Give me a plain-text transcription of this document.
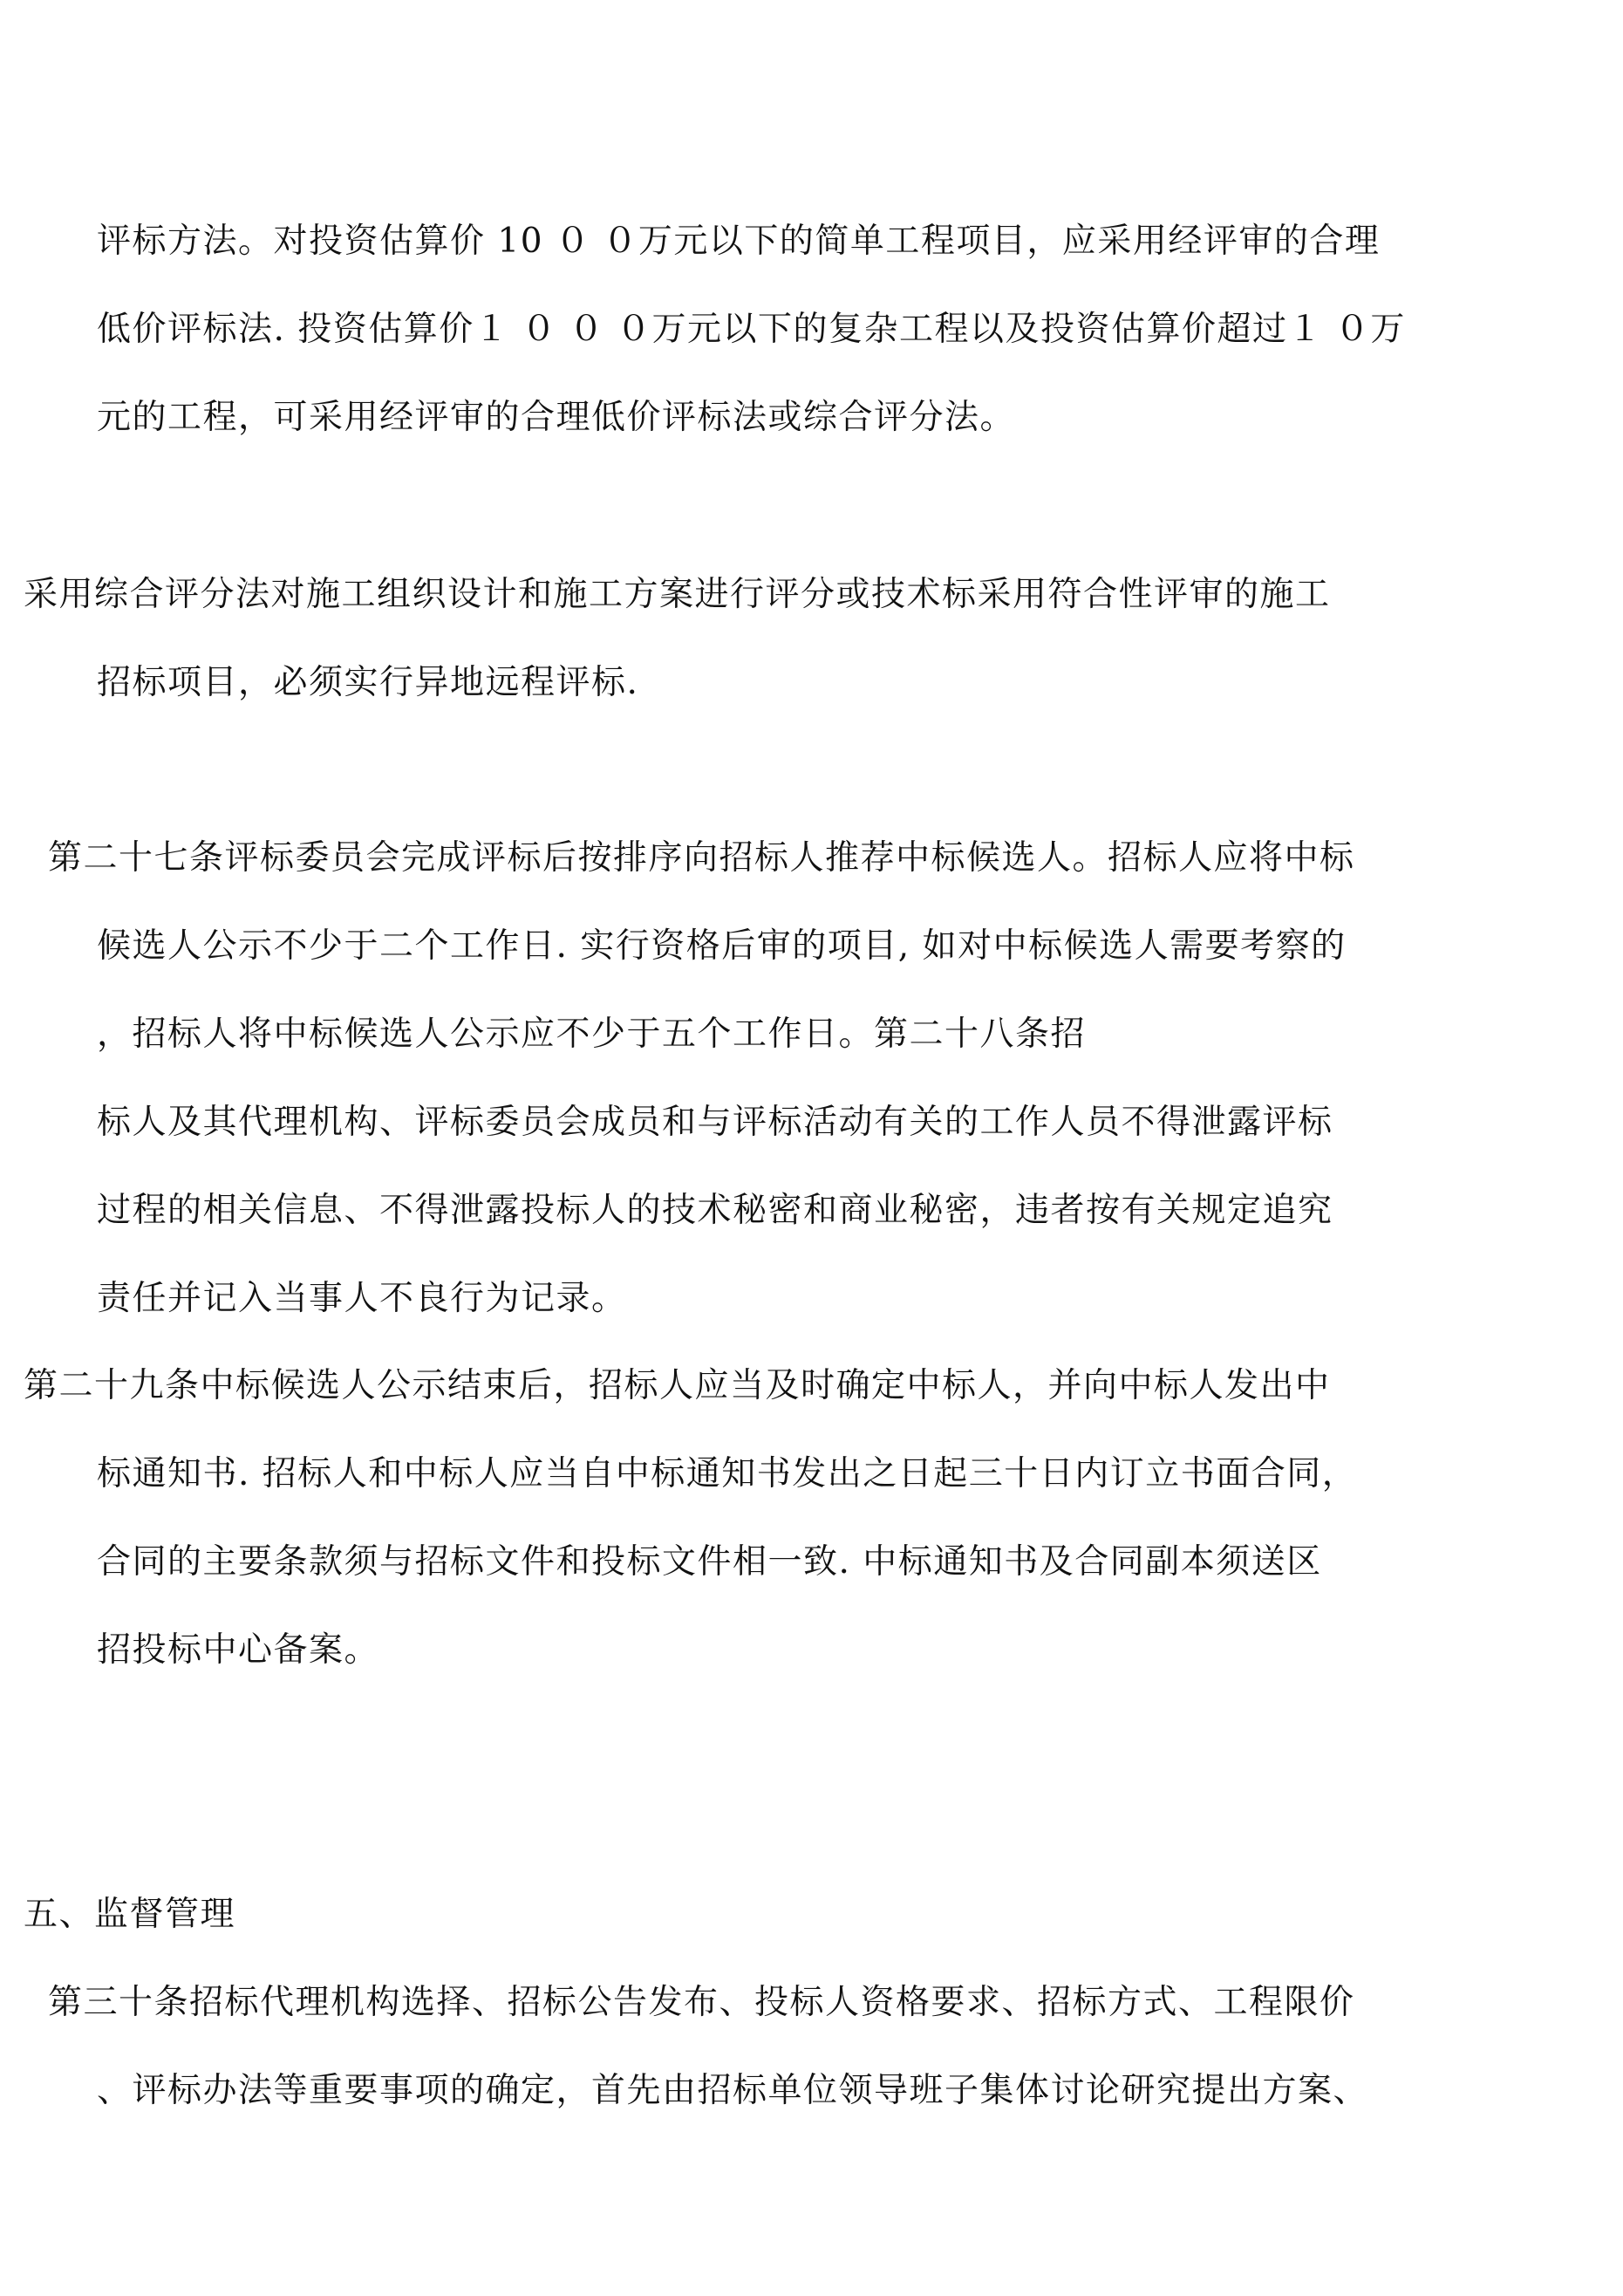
评标方法。对投资估算价 10 ０ ０万元以下的简单工程项目，应采用经评审的合理

低价评标法. 投资估算价１ ０ ０ ０万元以下的复杂工程以及投资估算价超过１ ０万

元的工程，可采用经评审的合理低价评标法或综合评分法。

采用综合评分法对施工组织设计和施工方案进行评分或技术标采用符合性评审的施工

招标项目，必须实行异地远程评标.

第二十七条评标委员会完成评标后按排序向招标人推荐中标候选人。招标人应将中标

候选人公示不少于二个工作日. 实行资格后审的项目, 如对中标候选人需要考察的

，招标人将中标候选人公示应不少于五个工作日。第二十八条招

标人及其代理机构、评标委员会成员和与评标活动有关的工作人员不得泄露评标

过程的相关信息、不得泄露投标人的技术秘密和商业秘密，违者按有关规定追究

责任并记入当事人不良行为记录。

第二十九条中标候选人公示结束后，招标人应当及时确定中标人，并向中标人发出中

标通知书. 招标人和中标人应当自中标通知书发出之日起三十日内订立书面合同，

合同的主要条款须与招标文件和投标文件相一致. 中标通知书及合同副本须送区

招投标中心备案。

五、监督管理

第三十条招标代理机构选择、招标公告发布、投标人资格要求、招标方式、工程限价

、评标办法等重要事项的确定，首先由招标单位领导班子集体讨论研究提出方案、
